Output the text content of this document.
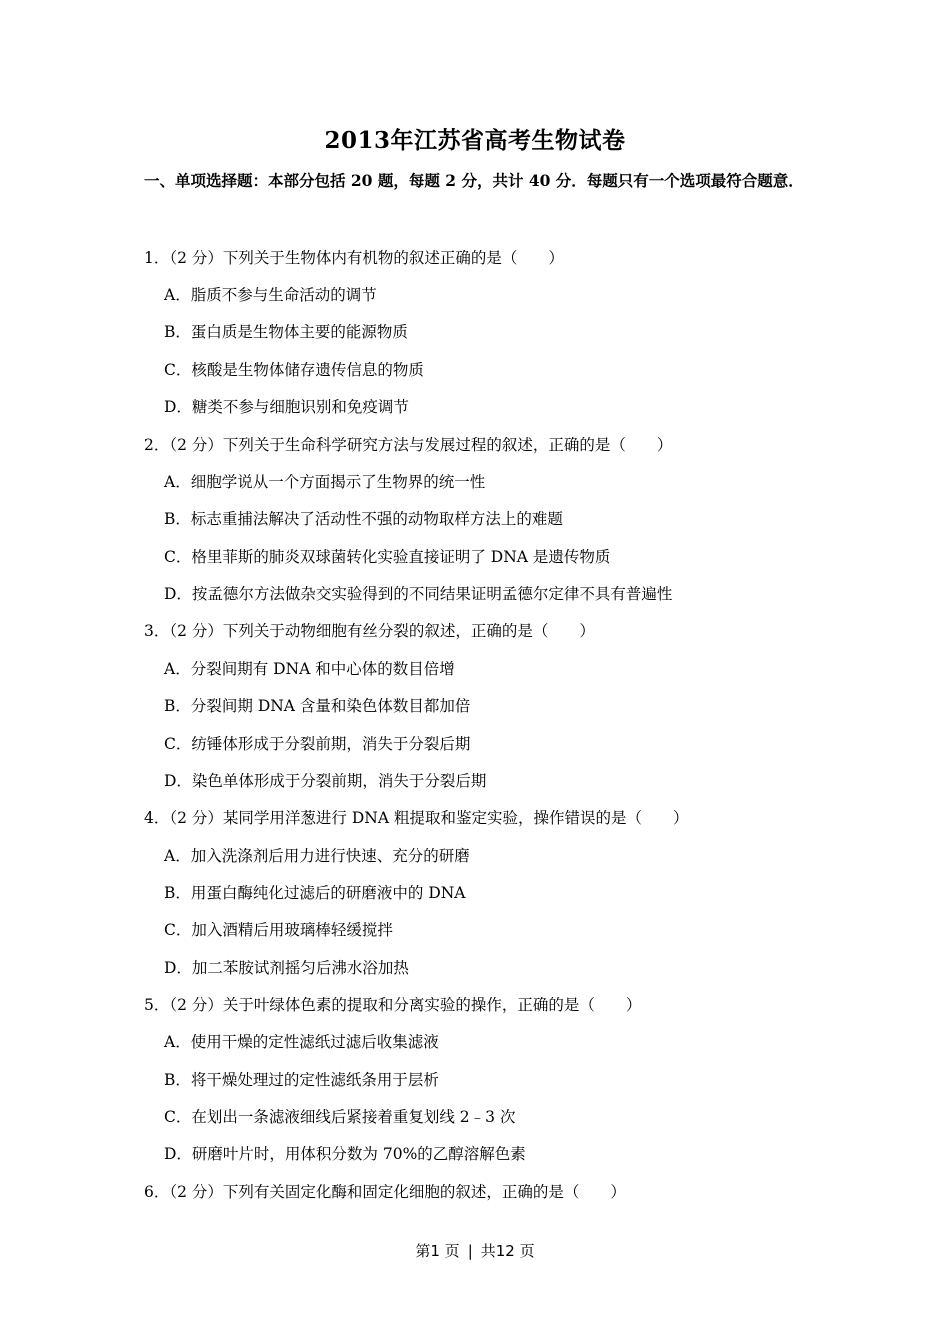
2013年江苏省高考生物试卷
一、单项选择题：本部分包括 20 题，每题 2 分，共计 40 分．每题只有一个选项最符合题意．
1．（2 分）下列关于生物体内有机物的叙述正确的是（　　）
A．脂质不参与生命活动的调节
B．蛋白质是生物体主要的能源物质
C．核酸是生物体储存遗传信息的物质
D．糖类不参与细胞识别和免疫调节
2．（2 分）下列关于生命科学研究方法与发展过程的叙述，正确的是（　　）
A．细胞学说从一个方面揭示了生物界的统一性
B．标志重捕法解决了活动性不强的动物取样方法上的难题
C．格里菲斯的肺炎双球菌转化实验直接证明了 DNA 是遗传物质
D．按孟德尔方法做杂交实验得到的不同结果证明孟德尔定律不具有普遍性
3．（2 分）下列关于动物细胞有丝分裂的叙述，正确的是（　　）
A．分裂间期有 DNA 和中心体的数目倍增
B．分裂间期 DNA 含量和染色体数目都加倍
C．纺锤体形成于分裂前期，消失于分裂后期
D．染色单体形成于分裂前期，消失于分裂后期
4．（2 分）某同学用洋葱进行 DNA 粗提取和鉴定实验，操作错误的是（　　）
A．加入洗涤剂后用力进行快速、充分的研磨
B．用蛋白酶纯化过滤后的研磨液中的 DNA
C．加入酒精后用玻璃棒轻缓搅拌
D．加二苯胺试剂摇匀后沸水浴加热
5．（2 分）关于叶绿体色素的提取和分离实验的操作，正确的是（　　）
A．使用干燥的定性滤纸过滤后收集滤液
B．将干燥处理过的定性滤纸条用于层析
C．在划出一条滤液细线后紧接着重复划线 2﹣3 次
D．研磨叶片时，用体积分数为 70%的乙醇溶解色素
6．（2 分）下列有关固定化酶和固定化细胞的叙述，正确的是（　　）
第1 页 | 共12 页
